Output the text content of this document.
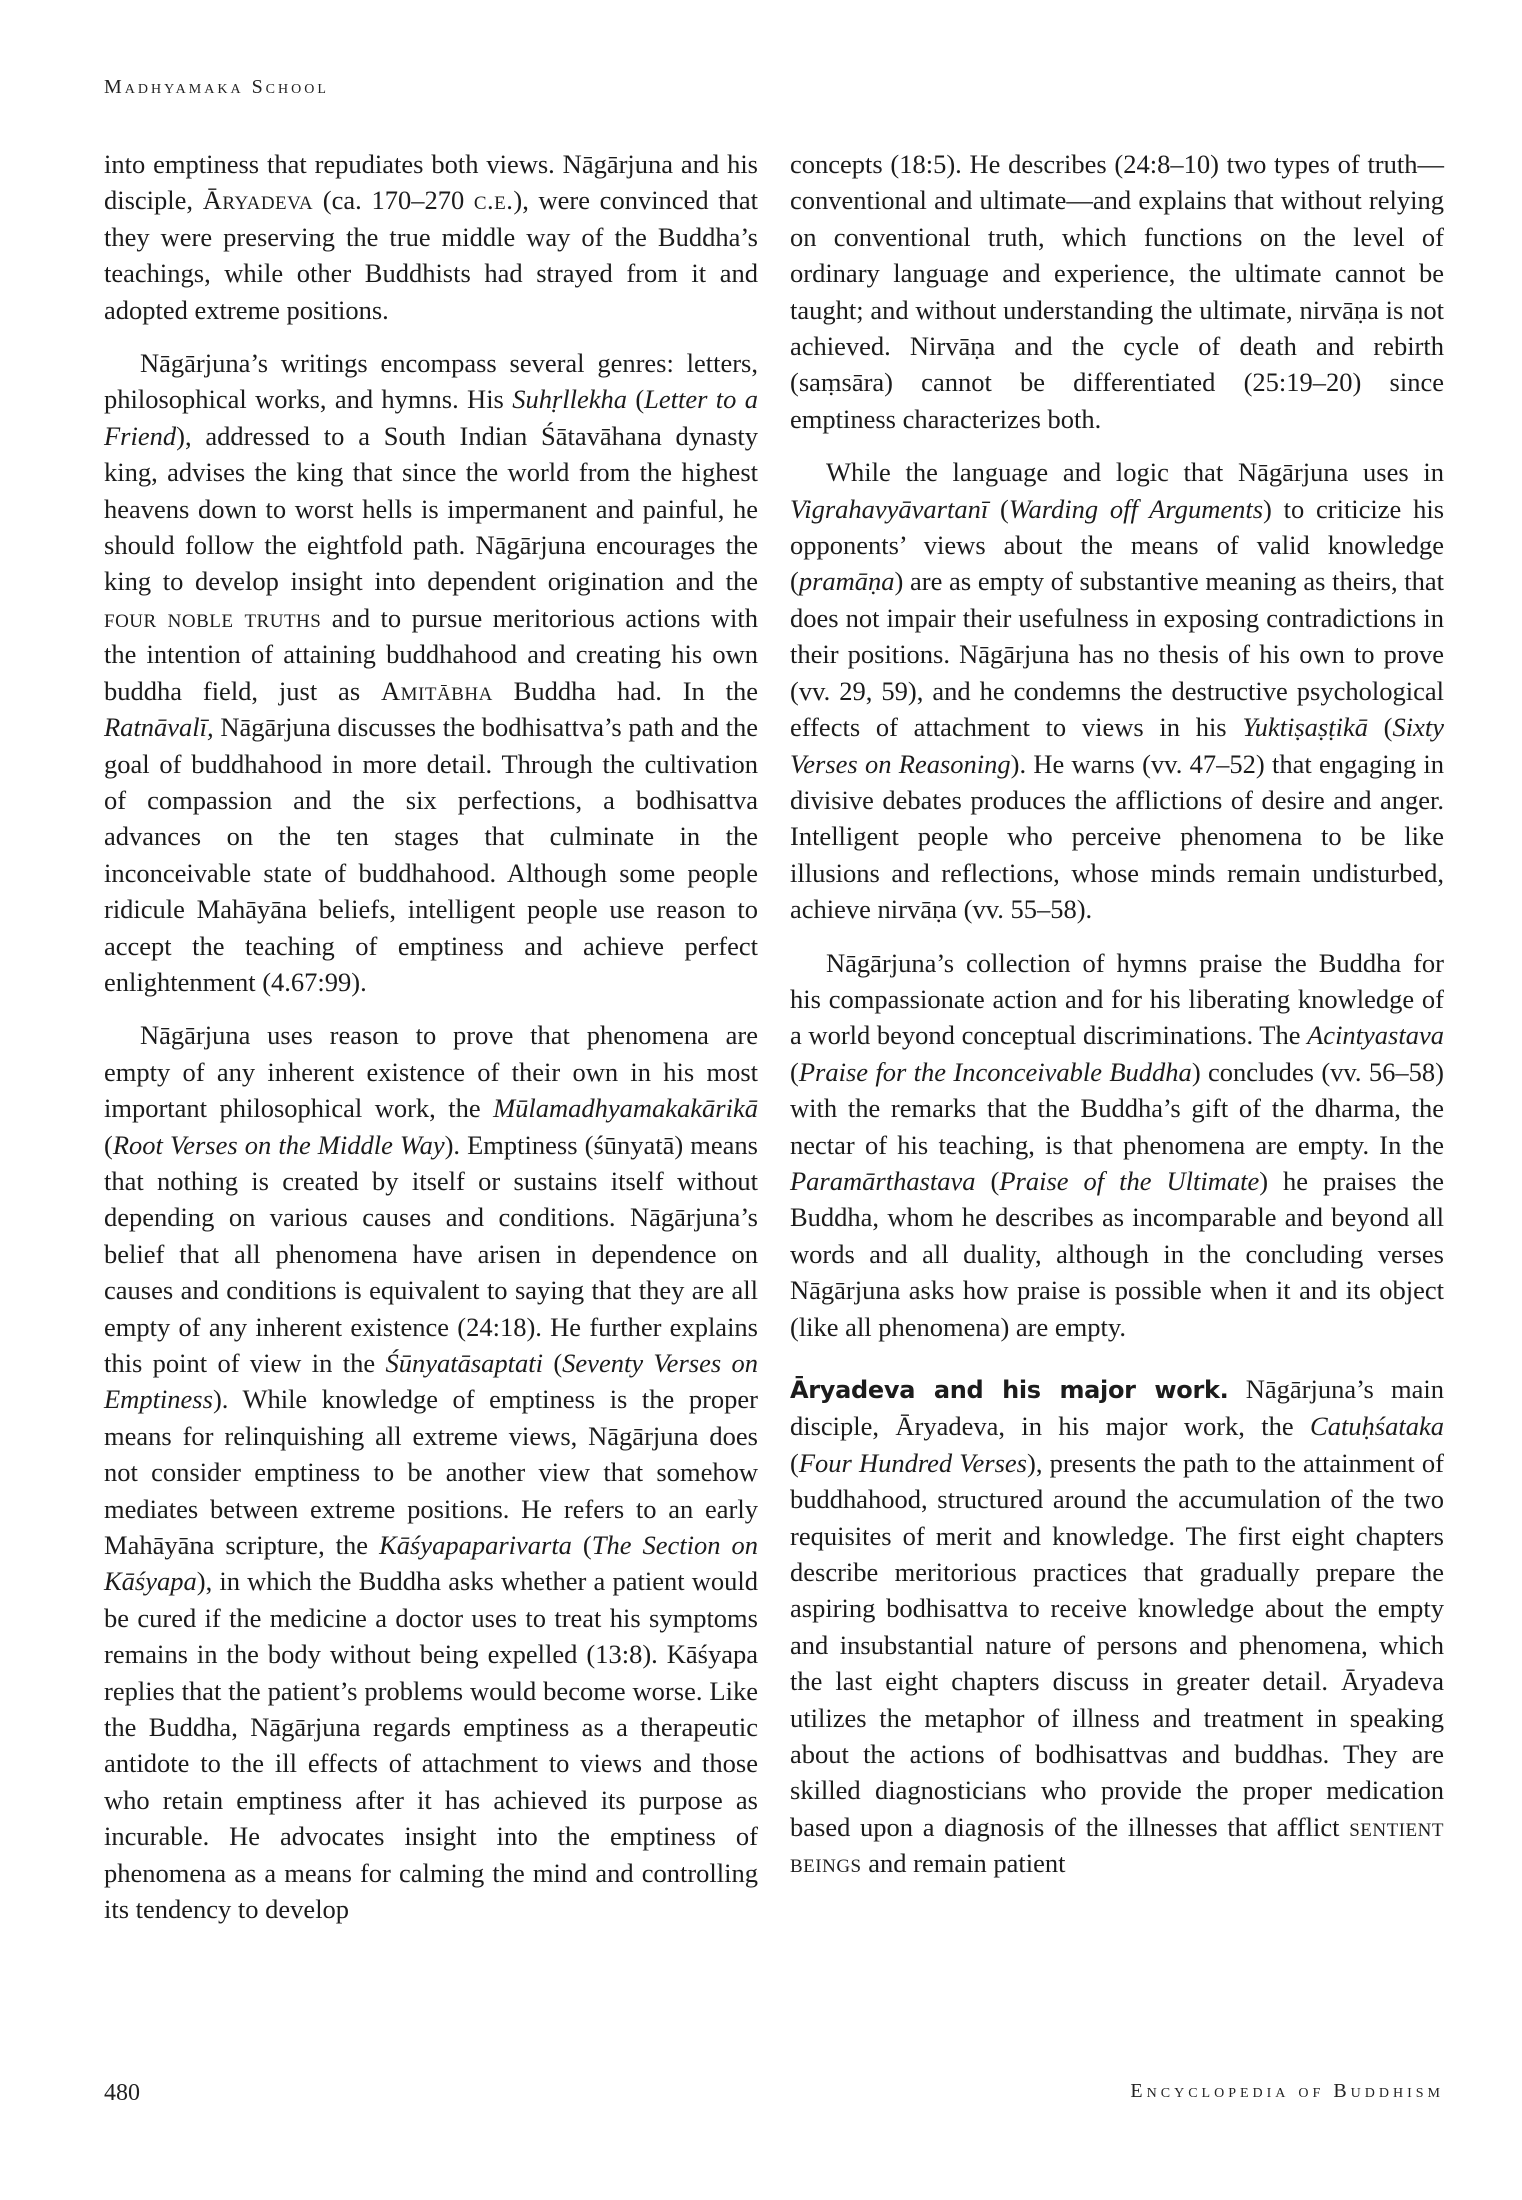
Madhyamaka School

into emptiness that repudiates both views. Nāgārjuna and his disciple, Āryadeva (ca. 170–270 c.e.), were convinced that they were preserving the true middle way of the Buddha’s teachings, while other Buddhists had strayed from it and adopted extreme positions.

Nāgārjuna’s writings encompass several genres: letters, philosophical works, and hymns. His Suhṛllekha (Letter to a Friend), addressed to a South Indian Śātavāhana dynasty king, advises the king that since the world from the highest heavens down to worst hells is impermanent and painful, he should follow the eightfold path. Nāgārjuna encourages the king to develop insight into dependent origination and the four noble truths and to pursue meritorious actions with the intention of attaining buddhahood and creating his own buddha field, just as Amitābha Buddha had. In the Ratnāvalī, Nāgārjuna discusses the bodhisattva’s path and the goal of buddhahood in more detail. Through the cultivation of compassion and the six perfections, a bodhisattva advances on the ten stages that culminate in the inconceivable state of buddhahood. Although some people ridicule Mahāyāna beliefs, intelligent people use reason to accept the teaching of emptiness and achieve perfect enlightenment (4.67:99).

Nāgārjuna uses reason to prove that phenomena are empty of any inherent existence of their own in his most important philosophical work, the Mūlamadhyamakakārikā (Root Verses on the Middle Way). Emptiness (śūnyatā) means that nothing is created by itself or sustains itself without depending on various causes and conditions. Nāgārjuna’s belief that all phenomena have arisen in dependence on causes and conditions is equivalent to saying that they are all empty of any inherent existence (24:18). He further explains this point of view in the Śūnyatāsaptati (Seventy Verses on Emptiness). While knowledge of emptiness is the proper means for relinquishing all extreme views, Nāgārjuna does not consider emptiness to be another view that somehow mediates between extreme positions. He refers to an early Mahāyāna scripture, the Kāśyapaparivarta (The Section on Kāśyapa), in which the Buddha asks whether a patient would be cured if the medicine a doctor uses to treat his symptoms remains in the body without being expelled (13:8). Kāśyapa replies that the patient’s problems would become worse. Like the Buddha, Nāgārjuna regards emptiness as a therapeutic antidote to the ill effects of attachment to views and those who retain emptiness after it has achieved its purpose as incurable. He advocates insight into the emptiness of phenomena as a means for calming the mind and controlling its tendency to develop

concepts (18:5). He describes (24:8–10) two types of truth—conventional and ultimate—and explains that without relying on conventional truth, which functions on the level of ordinary language and experience, the ultimate cannot be taught; and without understanding the ultimate, nirvāṇa is not achieved. Nirvāṇa and the cycle of death and rebirth (saṃsāra) cannot be differentiated (25:19–20) since emptiness characterizes both.

While the language and logic that Nāgārjuna uses in Vigrahavyāvartanī (Warding off Arguments) to criticize his opponents’ views about the means of valid knowledge (pramāṇa) are as empty of substantive meaning as theirs, that does not impair their usefulness in exposing contradictions in their positions. Nāgārjuna has no thesis of his own to prove (vv. 29, 59), and he condemns the destructive psychological effects of attachment to views in his Yuktiṣaṣṭikā (Sixty Verses on Reasoning). He warns (vv. 47–52) that engaging in divisive debates produces the afflictions of desire and anger. Intelligent people who perceive phenomena to be like illusions and reflections, whose minds remain undisturbed, achieve nirvāṇa (vv. 55–58).

Nāgārjuna’s collection of hymns praise the Buddha for his compassionate action and for his liberating knowledge of a world beyond conceptual discriminations. The Acintyastava (Praise for the Inconceivable Buddha) concludes (vv. 56–58) with the remarks that the Buddha’s gift of the dharma, the nectar of his teaching, is that phenomena are empty. In the Paramārthastava (Praise of the Ultimate) he praises the Buddha, whom he describes as incomparable and beyond all words and all duality, although in the concluding verses Nāgārjuna asks how praise is possible when it and its object (like all phenomena) are empty.

Āryadeva and his major work. Nāgārjuna’s main disciple, Āryadeva, in his major work, the Catuḥśataka (Four Hundred Verses), presents the path to the attainment of buddhahood, structured around the accumulation of the two requisites of merit and knowledge. The first eight chapters describe meritorious practices that gradually prepare the aspiring bodhisattva to receive knowledge about the empty and insubstantial nature of persons and phenomena, which the last eight chapters discuss in greater detail. Āryadeva utilizes the metaphor of illness and treatment in speaking about the actions of bodhisattvas and buddhas. They are skilled diagnosticians who provide the proper medication based upon a diagnosis of the illnesses that afflict sentient beings and remain patient

480	Encyclopedia of Buddhism
